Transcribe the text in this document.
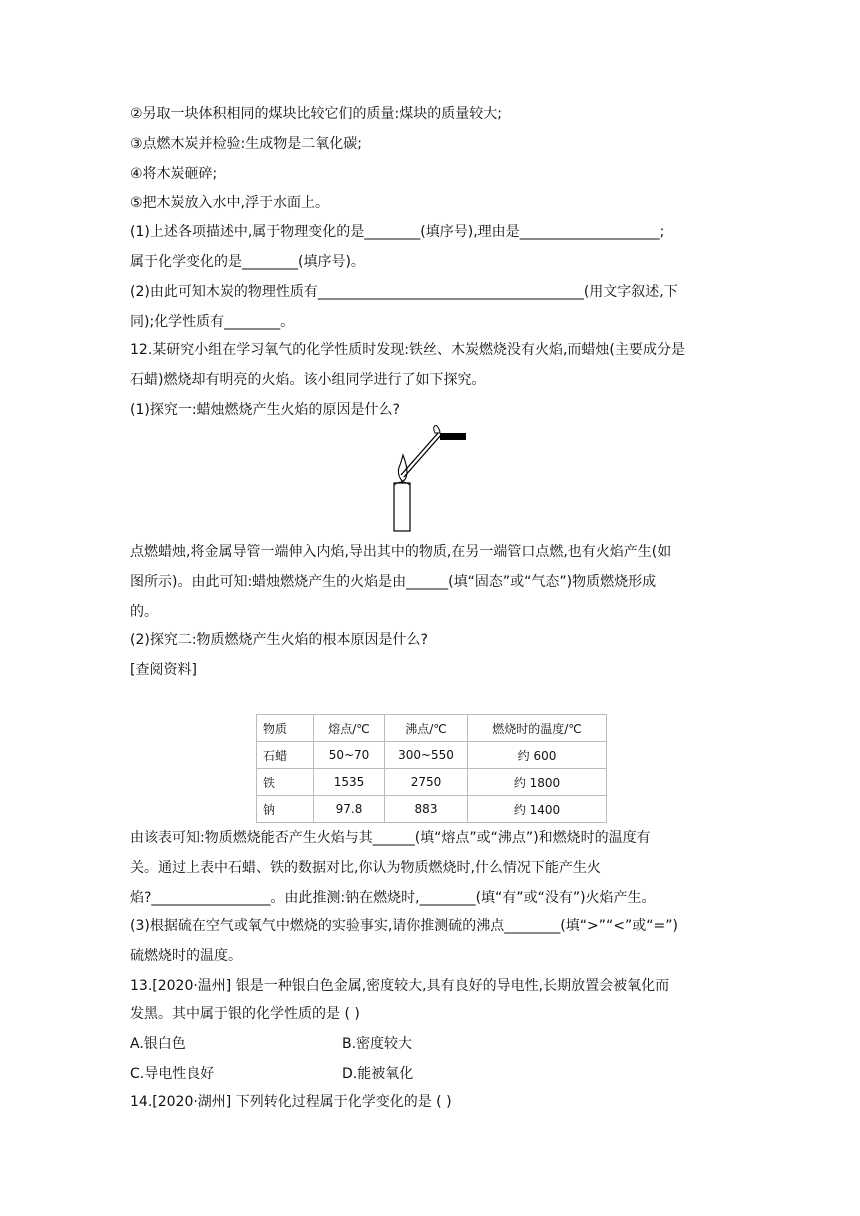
②另取一块体积相同的煤块比较它们的质量:煤块的质量较大;
③点燃木炭并检验:生成物是二氧化碳;
④将木炭砸碎;
⑤把木炭放入水中,浮于水面上。
(1)上述各项描述中,属于物理变化的是________(填序号),理由是____________________;
属于化学变化的是________(填序号)。
(2)由此可知木炭的物理性质有______________________________________(用文字叙述,下
同);化学性质有________。
12.某研究小组在学习氧气的化学性质时发现:铁丝、木炭燃烧没有火焰,而蜡烛(主要成分是
石蜡)燃烧却有明亮的火焰。该小组同学进行了如下探究。
(1)探究一:蜡烛燃烧产生火焰的原因是什么?
点燃蜡烛,将金属导管一端伸入内焰,导出其中的物质,在另一端管口点燃,也有火焰产生(如
图所示)。由此可知:蜡烛燃烧产生的火焰是由______(填“固态”或“气态”)物质燃烧形成
的。
(2)探究二:物质燃烧产生火焰的根本原因是什么?
[查阅资料]
物质	熔点/℃	沸点/℃	燃烧时的温度/℃
石蜡	50~70	300~550	约 600
铁	1535	2750	约 1800
钠	97.8	883	约 1400
由该表可知:物质燃烧能否产生火焰与其______(填“熔点”或“沸点”)和燃烧时的温度有
关。通过上表中石蜡、铁的数据对比,你认为物质燃烧时,什么情况下能产生火
焰?_________________。由此推测:钠在燃烧时,________(填“有”或“没有”)火焰产生。
(3)根据硫在空气或氧气中燃烧的实验事实,请你推测硫的沸点________(填“>”“<”或“=”)
硫燃烧时的温度。
13.[2020·温州] 银是一种银白色金属,密度较大,具有良好的导电性,长期放置会被氧化而
发黑。其中属于银的化学性质的是 ( )
A.银白色	B.密度较大
C.导电性良好	D.能被氧化
14.[2020·湖州] 下列转化过程属于化学变化的是 ( )
